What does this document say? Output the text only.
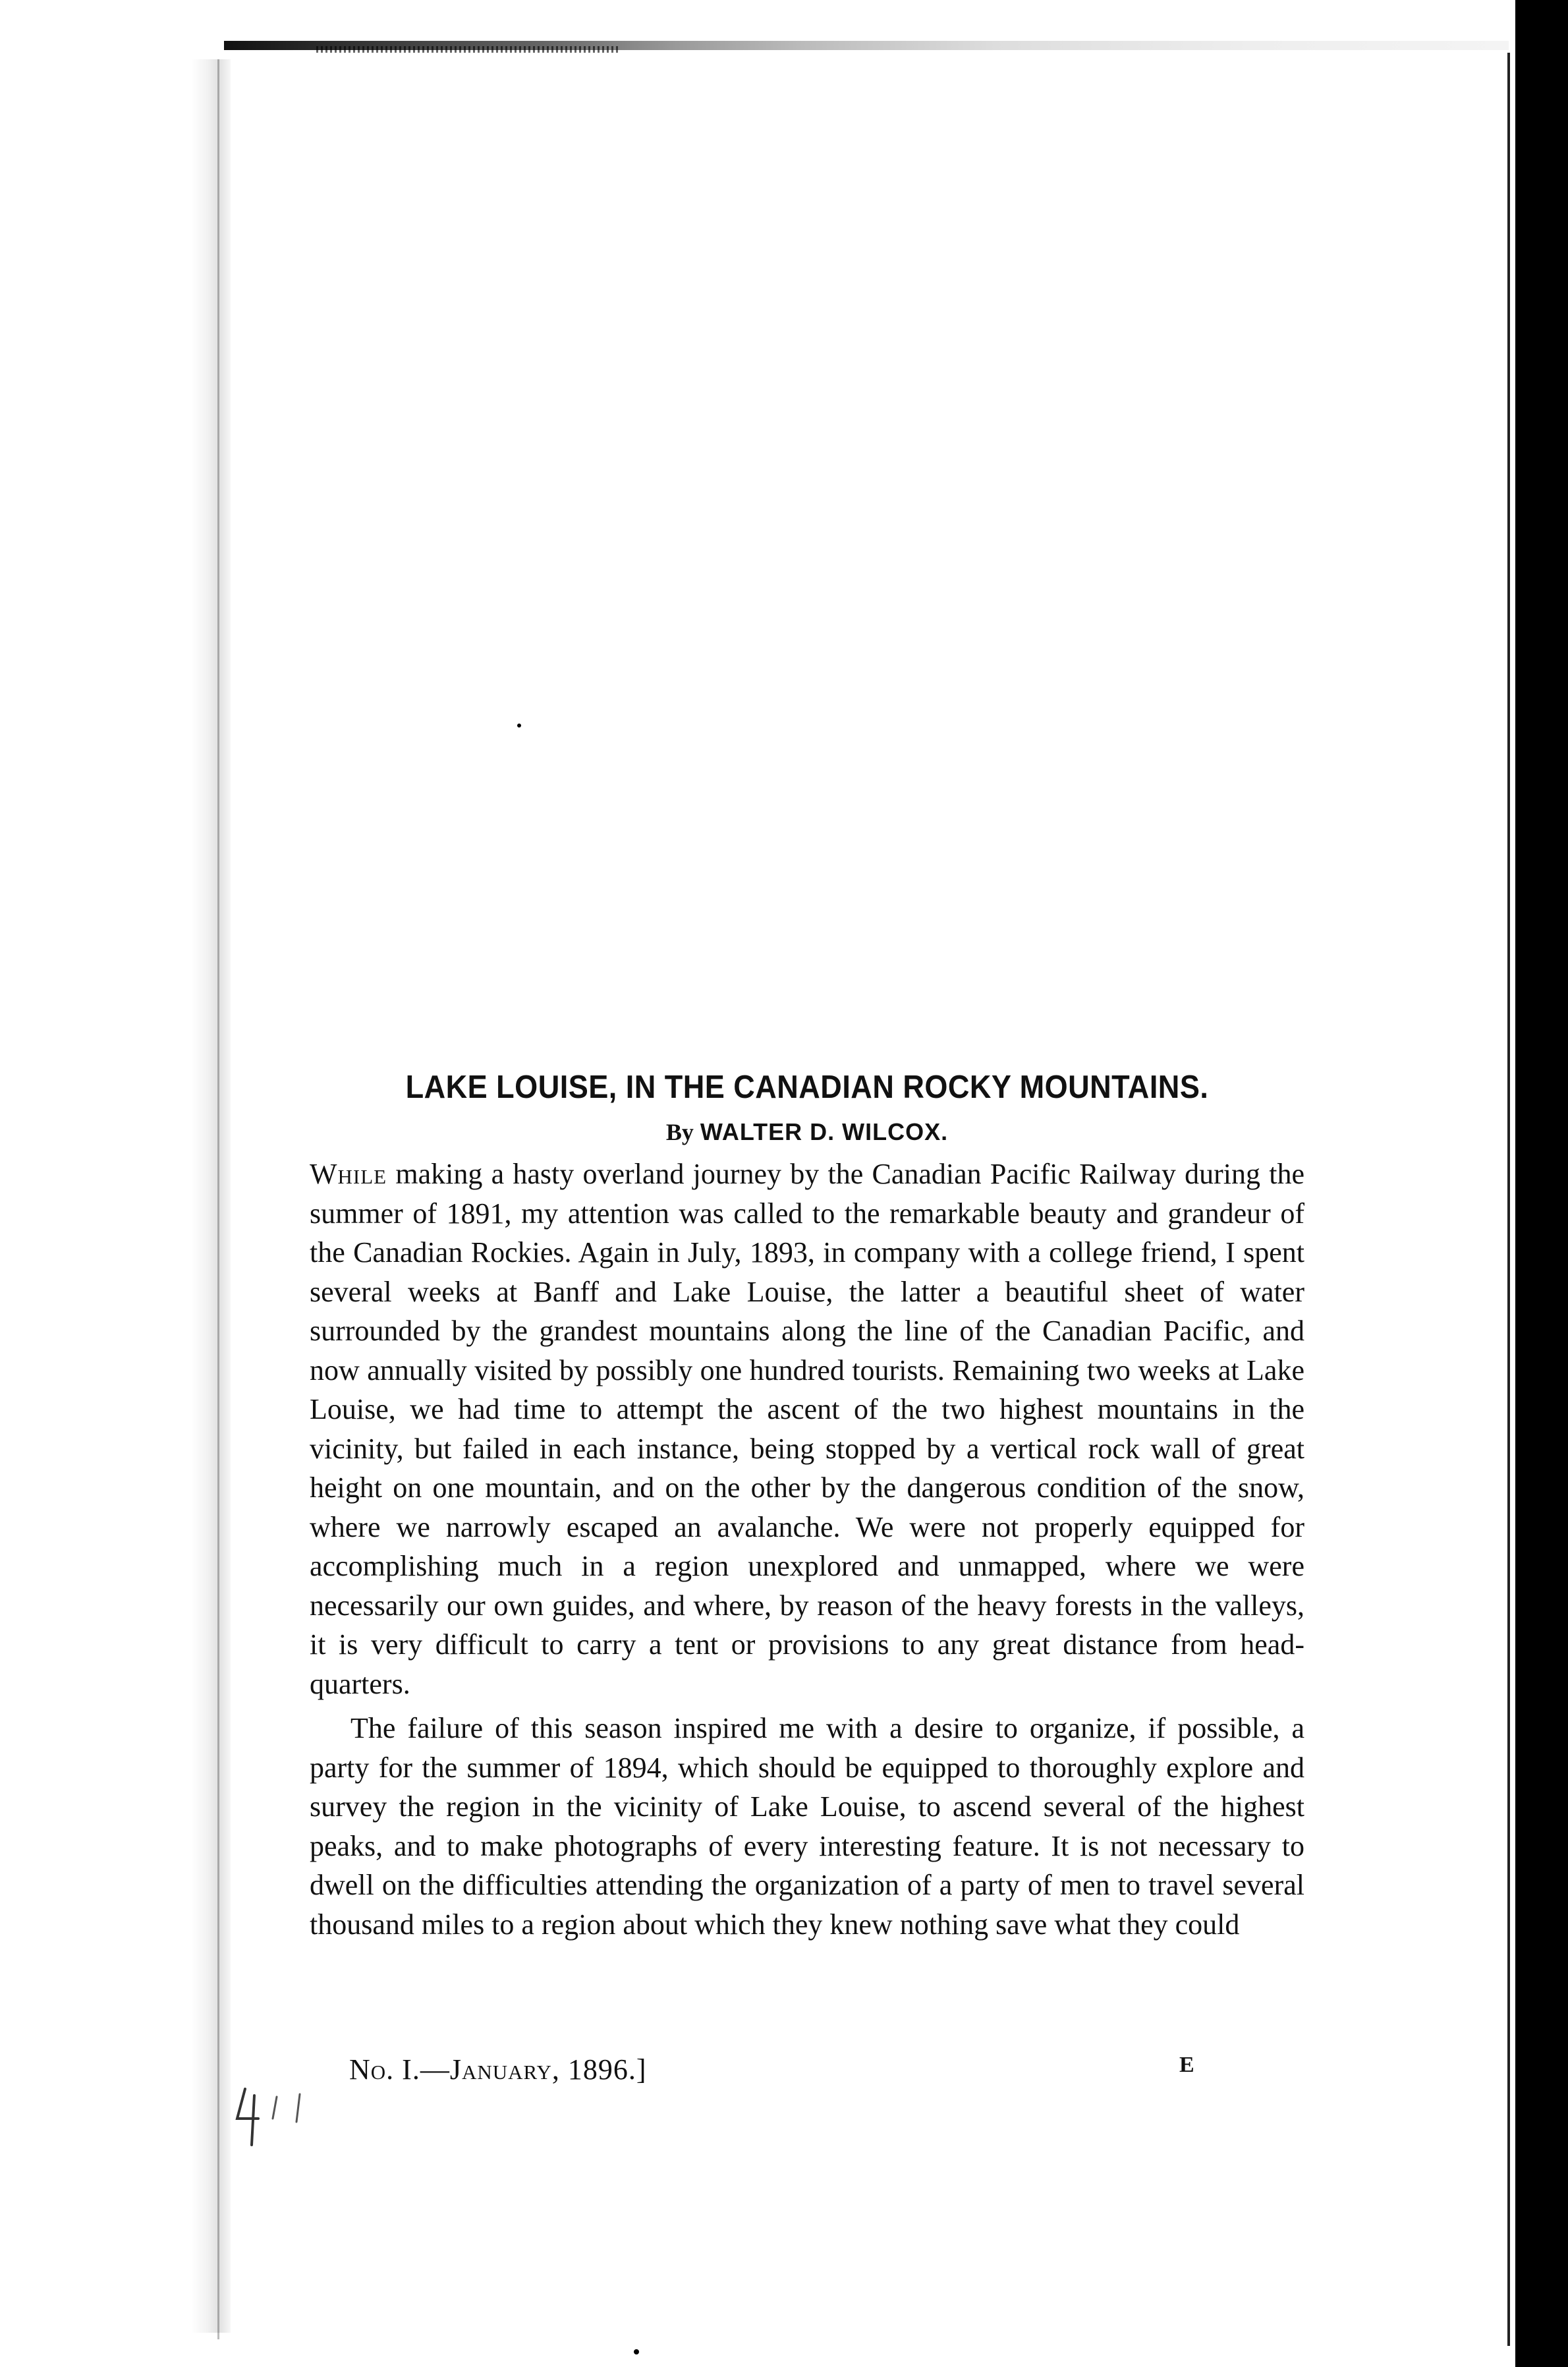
LAKE LOUISE, IN THE CANADIAN ROCKY MOUNTAINS.
By WALTER D. WILCOX.

While making a hasty overland journey by the Canadian Pacific Railway during the summer of 1891, my attention was called to the remarkable beauty and grandeur of the Canadian Rockies. Again in July, 1893, in company with a college friend, I spent several weeks at Banff and Lake Louise, the latter a beautiful sheet of water surrounded by the grandest mountains along the line of the Canadian Pacific, and now annually visited by possibly one hundred tourists. Remaining two weeks at Lake Louise, we had time to attempt the ascent of the two highest mountains in the vicinity, but failed in each instance, being stopped by a vertical rock wall of great height on one mountain, and on the other by the dangerous condition of the snow, where we narrowly escaped an avalanche. We were not properly equipped for accomplishing much in a region unexplored and unmapped, where we were necessarily our own guides, and where, by reason of the heavy forests in the valleys, it is very difficult to carry a tent or provisions to any great distance from head-quarters.

The failure of this season inspired me with a desire to organize, if possible, a party for the summer of 1894, which should be equipped to thoroughly explore and survey the region in the vicinity of Lake Louise, to ascend several of the highest peaks, and to make photographs of every interesting feature. It is not necessary to dwell on the difficulties attending the organization of a party of men to travel several thousand miles to a region about which they knew nothing save what they could

No. I.—January, 1896.]	E
